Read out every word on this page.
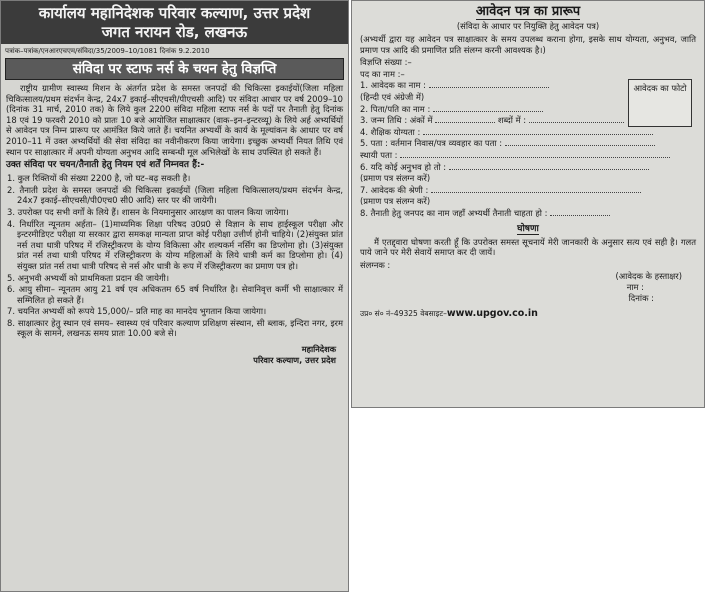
कार्यालय महानिदेशक परिवार कल्याण, उत्तर प्रदेश
जगत नरायन रोड, लखनऊ
पत्रांक–पत्रांक/एनआरएचएम/संविदा/35/2009–10/1081 दिनांक 9.2.2010
संविदा पर स्टाफ नर्स के चयन हेतु विज्ञप्ति

राष्ट्रीय ग्रामीण स्वास्थ्य मिशन के अंतर्गत प्रदेश के समस्त जनपदों की चिकित्सा इकाईयों(जिला महिला चिकित्सालय/प्रथम संदर्भन केन्द्र, 24x7 इकाई–सीएचसी/पीएचसी आदि) पर संविदा आधार पर वर्ष 2009–10 (दिनांक 31 मार्च, 2010 तक) के लिये कुल 2200 संविदा महिला स्टाफ नर्स के पदों पर तैनाती हेतु दिनांक 18 एवं 19 फरवरी 2010 को प्रातः 10 बजे आयोजित साक्षात्कार (वाक–इन–इन्टरव्यू) के लिये अर्ह अभ्यर्थियों से आवेदन पत्र निम्न प्रारूप पर आमंत्रित किये जाते हैं। चयनित अभ्यर्थी के कार्य के मूल्यांकन के आधार पर वर्ष 2010–11 में उक्त अभ्यर्थियों की सेवा संविदा का नवीनीकरण किया जायेगा। इच्छुक अभ्यर्थी नियत तिथि एवं स्थान पर साक्षात्कार में अपनी योग्यता अनुभव आदि सम्बन्धी मूल अभिलेखों के साथ उपस्थित हो सकते हैं।

उक्त संविदा पर चयन/तैनाती हेतु नियम एवं शर्तें निम्नवत हैं:-

1. कुल रिक्तियों की संख्या 2200 है, जो घट–बढ़ सकती है।

2. तैनाती प्रदेश के समस्त जनपदों की चिकित्सा इकाईयों (जिला महिला चिकित्सालय/प्रथम संदर्भन केन्द्र, 24x7 इकाई–सीएचसी/पी0एच0 सी0 आदि) स्तर पर की जायेगी।

3. उपरोक्त पद सभी वर्गों के लिये हैं। शासन के नियमानुसार आरक्षण का पालन किया जायेगा।

4. निर्धारित न्यूनतम अर्हता– (1)माध्यमिक शिक्षा परिषद उ0प्र0 से विज्ञान के साथ हाईस्कूल परीक्षा और इन्टरमीडिएट परीक्षा या सरकार द्वारा समकक्ष मान्यता प्राप्त कोई परीक्षा उत्तीर्ण होनी चाहिये। (2)संयुक्त प्रांत नर्स तथा धात्री परिषद में रजिस्ट्रीकरण के योग्य विकित्सा और शल्यकर्म नर्सिंग का डिप्लोमा हो। (3)संयुक्त प्रांत नर्स तथा धात्री परिषद में रजिस्ट्रीकरण के योग्य महिलाओं के लिये धात्री कर्म का डिप्लोमा हो। (4) संयुक्त प्रांत नर्स तथा धात्री परिषद से नर्स और धात्री के रूप में रजिस्ट्रीकरण का प्रमाण पत्र हो।

5. अनुभवी अभ्यर्थी को प्राथमिकता प्रदान की जायेगी।

6. आयु सीमा– न्यूनतम आयु 21 वर्ष एव अधिकतम 65 वर्ष निर्धारित है। सेवानिवृत्त कर्मी भी साक्षात्कार में सम्मिलित हो सकते हैं।

7. चयनित अभ्यर्थी को रूपये 15,000/– प्रति माह का मानदेय भुगतान किया जायेगा।

8. साक्षात्कार हेतु स्थान एवं समय– स्वास्थ्य एवं परिवार कल्याण प्रशिक्षण संस्थान, सी ब्लाक, इन्दिरा नगर, इरम स्कूल के सामने, लखनऊ समय प्रातः 10.00 बजे से।

महानिदेशक
परिवार कल्याण, उत्तर प्रदेश
आवेदन पत्र का प्रारूप
(संविदा के आधार पर नियुक्ति हेतु आवेदन पत्र)

(अभ्यर्थी द्वारा यह आवेदन पत्र साक्षात्कार के समय उपलब्ध कराना होगा, इसके साथ योग्यता, अनुभव, जाति प्रमाण पत्र आदि की प्रमाणित प्रति संलग्न करनी आवश्यक है।)

आवेदक का फोटो
विज्ञप्ति संख्या :–
पद का नाम :–
1. आवेदक का नाम :
(हिन्दी एवं अंग्रेजी में)
2. पिता/पति का नाम :
3. जन्म तिथि : अंकों में	शब्दों में :
4. शैक्षिक योग्यता :
5. पता : वर्तमान निवास/पत्र व्यवहार का पता :
स्थायी पता :
6. यदि कोई अनुभव हो तो :
(प्रमाण पत्र संलग्न करें)
7. आवेदक की श्रेणी :
(प्रमाण पत्र संलग्न करें)
8. तैनाती हेतु जनपद का नाम जहाँ अभ्यर्थी तैनाती चाहता हो :
घोषणा

मैं एतद्द्वारा घोषणा करती हूँ कि उपरोक्त समस्त सूचनायें मेरी जानकारी के अनुसार सत्य एवं सही है। गलत पाये जाने पर मेरी सेवायें समाप्त कर दी जायें।

संलग्नक :
(आवेदक के हस्ताक्षर)
नाम :
दिनांक :
उप्र० सं० नं–49325 वेबसाइट–www.upgov.co.in
